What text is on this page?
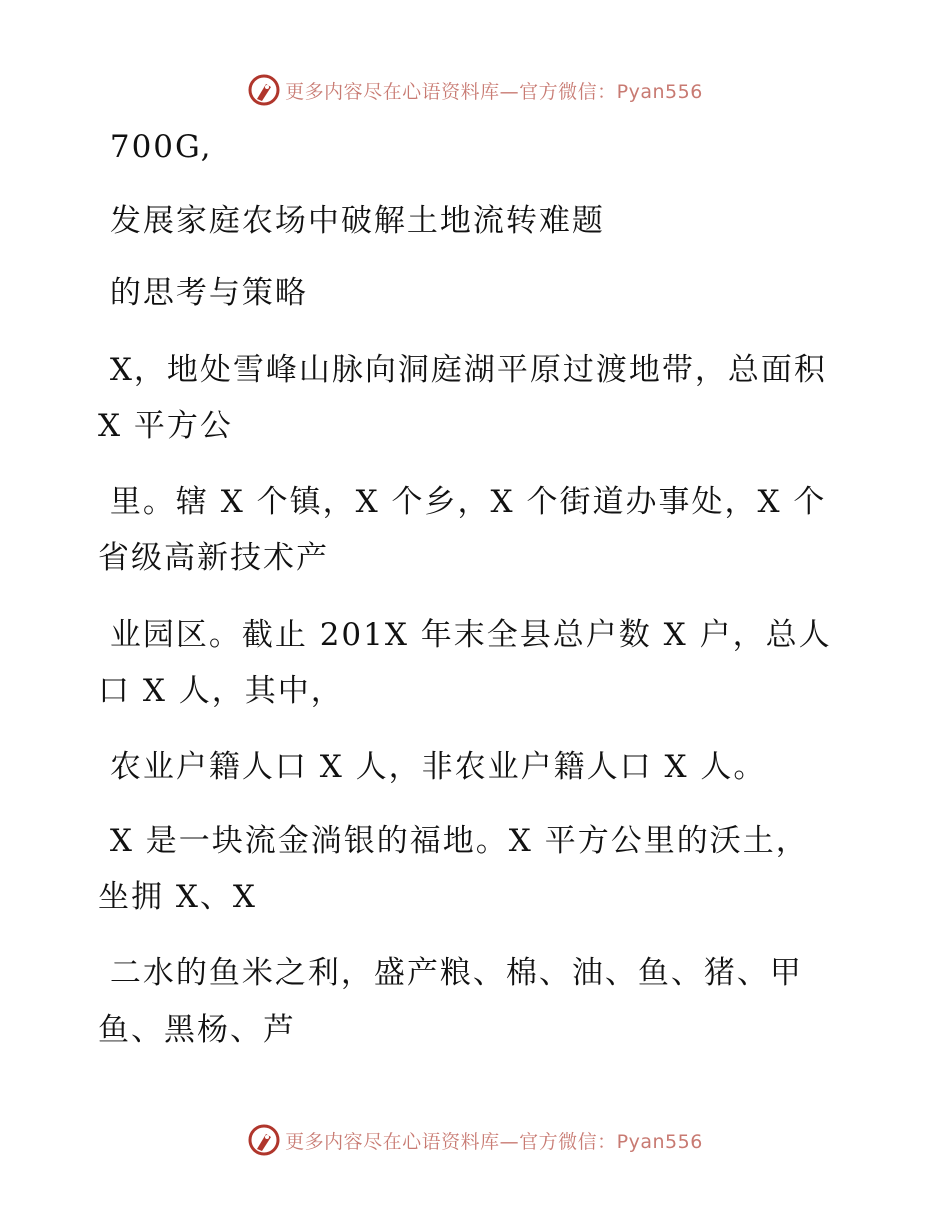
更多内容尽在心语资料库—官方微信：Pyan556
700G,
发展家庭农场中破解土地流转难题
的思考与策略
X，地处雪峰山脉向洞庭湖平原过渡地带，总面积
X 平方公
里。辖 X 个镇，X 个乡，X 个街道办事处，X 个
省级高新技术产
业园区。截止 201X 年末全县总户数 X 户，总人
口 X 人，其中，
农业户籍人口 X 人，非农业户籍人口 X 人。
X 是一块流金淌银的福地。X 平方公里的沃土，
坐拥 X、X
二水的鱼米之利，盛产粮、棉、油、鱼、猪、甲
鱼、黑杨、芦
更多内容尽在心语资料库—官方微信：Pyan556
